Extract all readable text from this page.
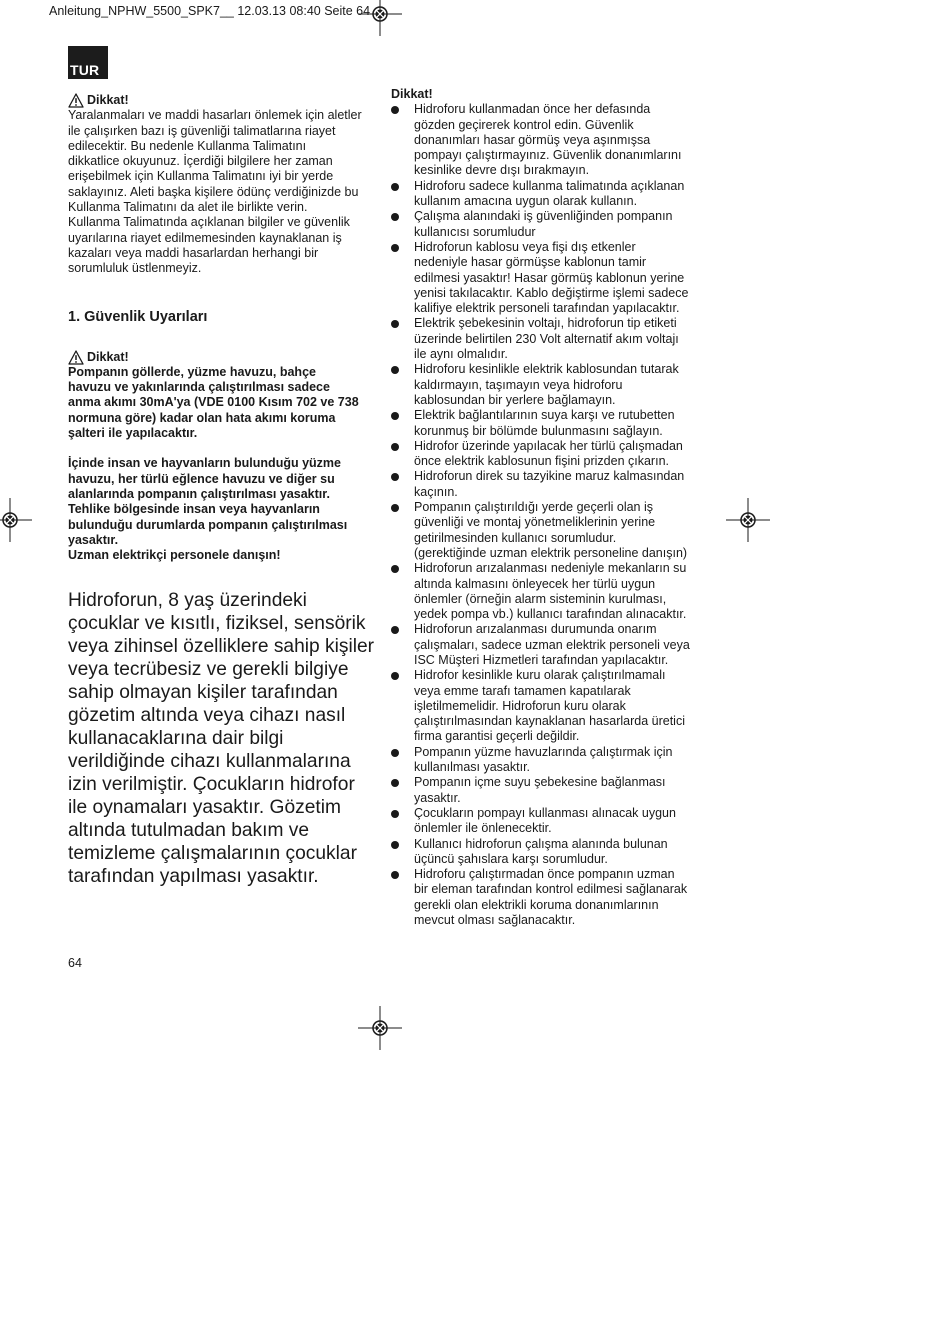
Anleitung_NPHW_5500_SPK7__ 12.03.13 08:40 Seite 64
TUR
Dikkat!

Yaralanmaları ve maddi hasarları önlemek için aletler
ile çalışırken bazı iş güvenliği talimatlarına riayet
edilecektir. Bu nedenle Kullanma Talimatını
dikkatlice okuyunuz. İçerdiği bilgilere her zaman
erişebilmek için Kullanma Talimatını iyi bir yerde
saklayınız. Aleti başka kişilere ödünç verdiğinizde bu
Kullanma Talimatını da alet ile birlikte verin.
Kullanma Talimatında açıklanan bilgiler ve güvenlik
uyarılarına riayet edilmemesinden kaynaklanan iş
kazaları veya maddi hasarlardan herhangi bir
sorumluluk üstlenmeyiz.

1. Güvenlik Uyarıları
Dikkat!

Pompanın göllerde, yüzme havuzu, bahçe
havuzu ve yakınlarında çalıştırılması sadece
anma akımı 30mA'ya (VDE 0100 Kısım 702 ve 738
normuna göre) kadar olan hata akımı koruma
şalteri ile yapılacaktır.

İçinde insan ve hayvanların bulunduğu yüzme
havuzu, her türlü eğlence havuzu ve diğer su
alanlarında pompanın çalıştırılması yasaktır.
Tehlike bölgesinde insan veya hayvanların
bulunduğu durumlarda pompanın çalıştırılması
yasaktır.
Uzman elektrikçi personele danışın!

Hidroforun, 8 yaş üzerindeki
çocuklar ve kısıtlı, fiziksel, sensörik
veya zihinsel özelliklere sahip kişiler
veya tecrübesiz ve gerekli bilgiye
sahip olmayan kişiler tarafından
gözetim altında veya cihazı nasıl
kullanacaklarına dair bilgi
verildiğinde cihazı kullanmalarına
izin verilmiştir. Çocukların hidrofor
ile oynamaları yasaktır. Gözetim
altında tutulmadan bakım ve
temizleme çalışmalarının çocuklar
tarafından yapılması yasaktır.

Dikkat!
Hidroforu kullanmadan önce her defasında
gözden geçirerek kontrol edin. Güvenlik
donanımları hasar görmüş veya aşınmışsa
pompayı çalıştırmayınız. Güvenlik donanımlarını
kesinlike devre dışı bırakmayın.
Hidroforu sadece kullanma talimatında açıklanan
kullanım amacına uygun olarak kullanın.
Çalışma alanındaki iş güvenliğinden pompanın
kullanıcısı sorumludur
Hidroforun kablosu veya fişi dış etkenler
nedeniyle hasar görmüşse kablonun tamir
edilmesi yasaktır! Hasar görmüş kablonun yerine
yenisi takılacaktır. Kablo değiştirme işlemi sadece
kalifiye elektrik personeli tarafından yapılacaktır.
Elektrik şebekesinin voltajı, hidroforun tip etiketi
üzerinde belirtilen 230 Volt alternatif akım voltajı
ile aynı olmalıdır.
Hidroforu kesinlikle elektrik kablosundan tutarak
kaldırmayın, taşımayın veya hidroforu
kablosundan bir yerlere bağlamayın.
Elektrik bağlantılarının suya karşı ve rutubetten
korunmuş bir bölümde bulunmasını sağlayın.
Hidrofor üzerinde yapılacak her türlü çalışmadan
önce elektrik kablosunun fişini prizden çıkarın.
Hidroforun direk su tazyikine maruz kalmasından
kaçının.
Pompanın çalıştırıldığı yerde geçerli olan iş
güvenliği ve montaj yönetmeliklerinin yerine
getirilmesinden kullanıcı sorumludur.
(gerektiğinde uzman elektrik personeline danışın)
Hidroforun arızalanması nedeniyle mekanların su
altında kalmasını önleyecek her türlü uygun
önlemler (örneğin alarm sisteminin kurulması,
yedek pompa vb.) kullanıcı tarafından alınacaktır.
Hidroforun arızalanması durumunda onarım
çalışmaları, sadece uzman elektrik personeli veya
ISC Müşteri Hizmetleri tarafından yapılacaktır.
Hidrofor kesinlikle kuru olarak çalıştırılmamalı
veya emme tarafı tamamen kapatılarak
işletilmemelidir. Hidroforun kuru olarak
çalıştırılmasından kaynaklanan hasarlarda üretici
firma garantisi geçerli değildir.
Pompanın yüzme havuzlarında çalıştırmak için
kullanılması yasaktır.
Pompanın içme suyu şebekesine bağlanması
yasaktır.
Çocukların pompayı kullanması alınacak uygun
önlemler ile önlenecektir.
Kullanıcı hidroforun çalışma alanında bulunan
üçüncü şahıslara karşı sorumludur.
Hidroforu çalıştırmadan önce pompanın uzman
bir eleman tarafından kontrol edilmesi sağlanarak
gerekli olan elektrikli koruma donanımlarının
mevcut olması sağlanacaktır.
64
